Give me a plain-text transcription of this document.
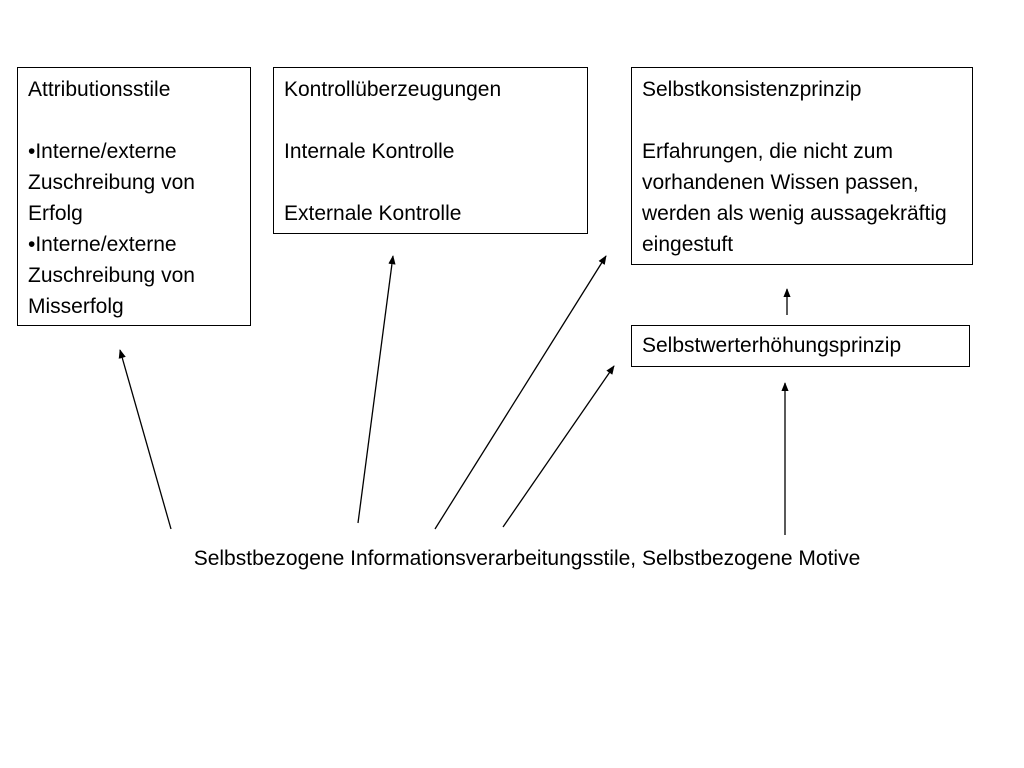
Attributionsstile
•Interne/externe Zuschreibung von Erfolg
•Interne/externe Zuschreibung von Misserfolg
Kontrollüberzeugungen
Internale Kontrolle
Externale Kontrolle
Selbstkonsistenzprinzip
Erfahrungen, die nicht zum vorhandenen Wissen passen, werden als wenig aussagekräftig eingestuft
Selbstwerterhöhungsprinzip
Selbstbezogene Informationsverarbeitungsstile, Selbstbezogene Motive
